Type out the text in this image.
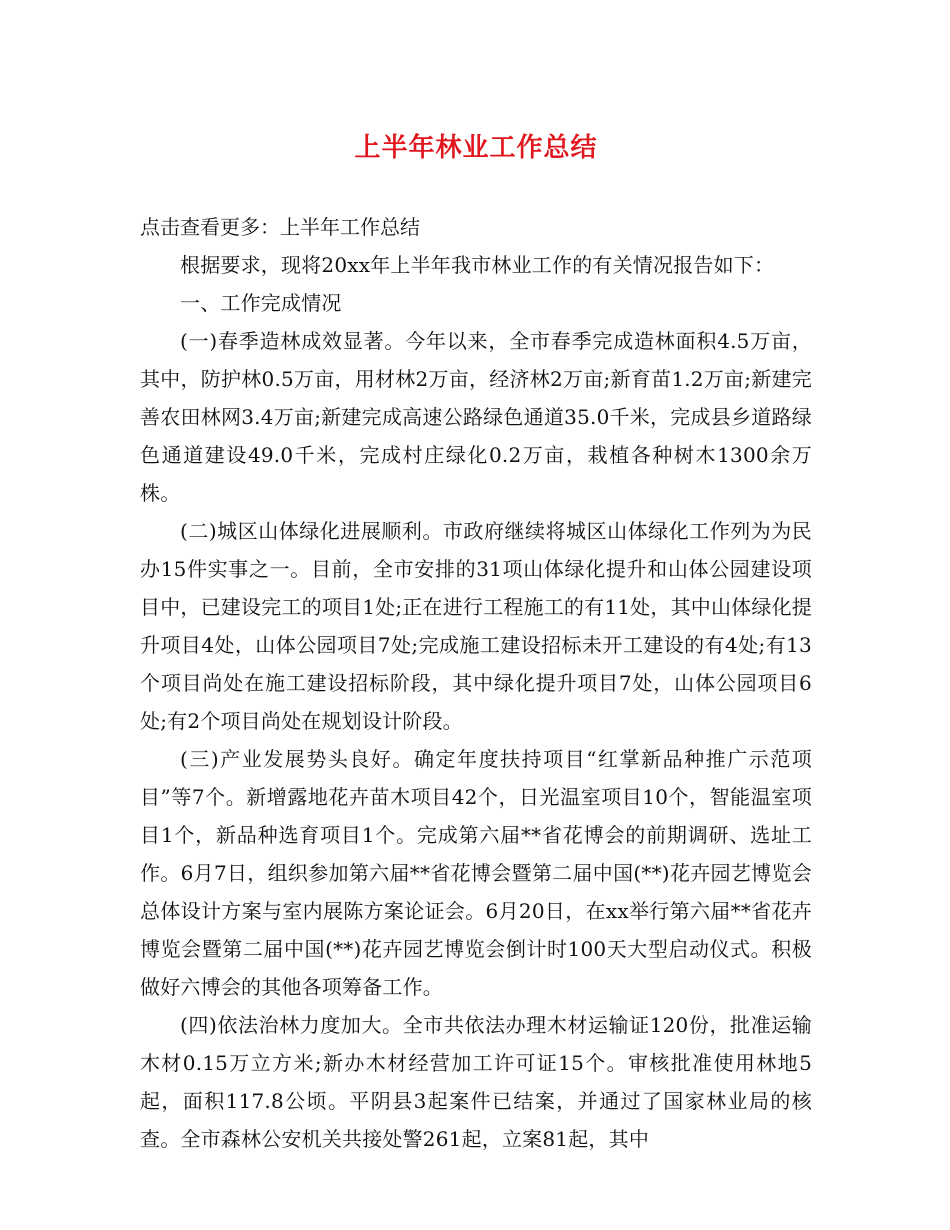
上半年林业工作总结

点击查看更多：上半年工作总结

根据要求，现将20xx年上半年我市林业工作的有关情况报告如下：

一、工作完成情况

(一)春季造林成效显著。今年以来，全市春季完成造林面积4.5万亩，其中，防护林0.5万亩，用材林2万亩，经济林2万亩;新育苗1.2万亩;新建完善农田林网3.4万亩;新建完成高速公路绿色通道35.0千米，完成县乡道路绿色通道建设49.0千米，完成村庄绿化0.2万亩，栽植各种树木1300余万株。

(二)城区山体绿化进展顺利。市政府继续将城区山体绿化工作列为为民办15件实事之一。目前，全市安排的31项山体绿化提升和山体公园建设项目中，已建设完工的项目1处;正在进行工程施工的有11处，其中山体绿化提升项目4处，山体公园项目7处;完成施工建设招标未开工建设的有4处;有13个项目尚处在施工建设招标阶段，其中绿化提升项目7处，山体公园项目6处;有2个项目尚处在规划设计阶段。

(三)产业发展势头良好。确定年度扶持项目“红掌新品种推广示范项目”等7个。新增露地花卉苗木项目42个，日光温室项目10个，智能温室项目1个，新品种选育项目1个。完成第六届**省花博会的前期调研、选址工作。6月7日，组织参加第六届**省花博会暨第二届中国(**)花卉园艺博览会总体设计方案与室内展陈方案论证会。6月20日，在xx举行第六届**省花卉博览会暨第二届中国(**)花卉园艺博览会倒计时100天大型启动仪式。积极做好六博会的其他各项筹备工作。

(四)依法治林力度加大。全市共依法办理木材运输证120份，批准运输木材0.15万立方米;新办木材经营加工许可证15个。审核批准使用林地5起，面积117.8公顷。平阴县3起案件已结案，并通过了国家林业局的核查。全市森林公安机关共接处警261起，立案81起，其中
